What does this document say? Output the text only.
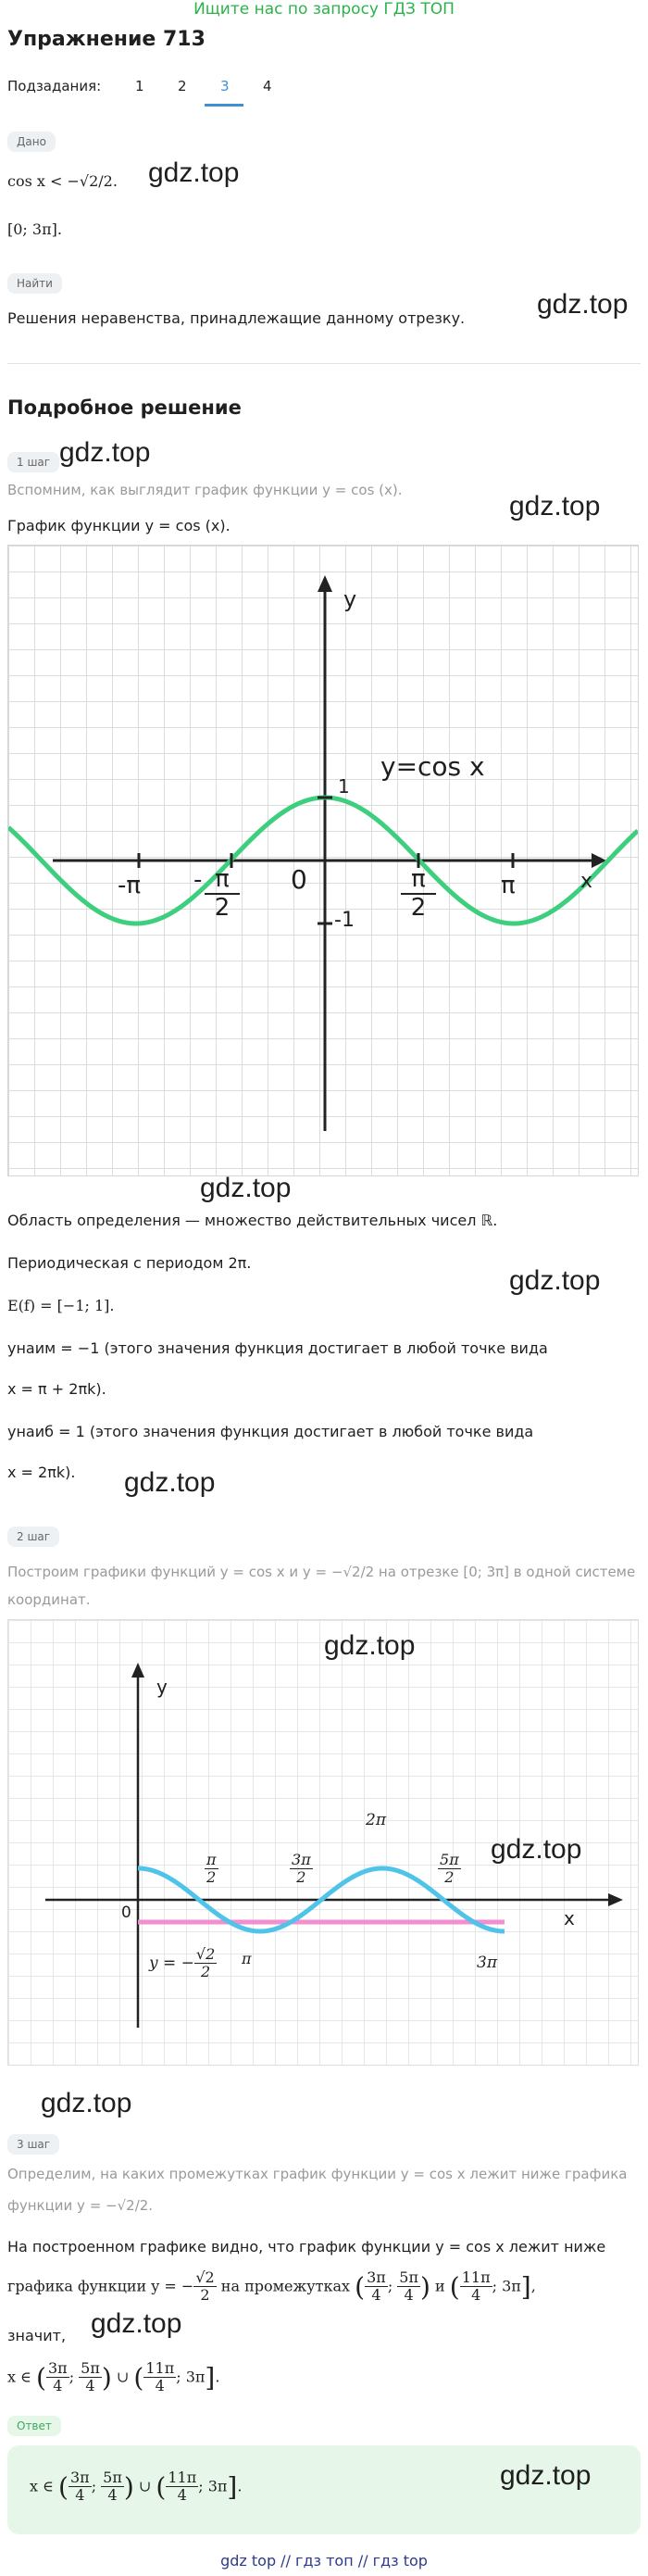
Ищите нас по запросу ГДЗ ТОП
Упражнение 713
Подзадания: 1 2 3 4
Дано
cos x < −√2/2.
[0; 3π].
gdz.top
Найти
Решения неравенства, принадлежащие данному отрезку.	gdz.top
Подробное решение
1 шаг gdz.top
Вспомним, как выглядит график функции y = cos (x).
gdz.top
График функции y = cos (x).
y
x
y=cos x
0
1
-1
-π	π
- π
2
π
2
gdz.top
Область определения — множество действительных чисел ℝ.
Периодическая с периодом 2π.
gdz.top
E(f) = [−1; 1].
yнаим = −1 (этого значения функция достигает в любой точке вида
x = π + 2πk).
yнаиб = 1 (этого значения функция достигает в любой точке вида
x = 2πk). gdz.top
2 шаг
Построим графики функций y = cos x и y = −√2/2 на отрезке [0; 3π] в одной системе
координат.
y
x
0
π	3π
2π
$\frac{\pi}{2}$	$\frac{3\pi}{2}$	$\frac{5\pi}{2}$
y = − $\frac{√2}{2}$
gdz.top
gdz.top
gdz.top
3 шаг
Определим, на каких промежутках график функции y = cos x лежит ниже графика
функции y = −√2/2.
На построенном графике видно, что график функции y = cos x лежит ниже
графика функции y = − $\frac{√2}{2}$ на промежутках ( $\frac{3\pi}{4}$ ; $\frac{5\pi}{4}$ ) и ( $\frac{11\pi}{4}$ ; 3π],
значит, gdz.top
x ∈ ( $\frac{3\pi}{4}$ ; $\frac{5\pi}{4}$ ) ∪ ( $\frac{11\pi}{4}$ ; 3π].
Ответ
x ∈ ( $\frac{3\pi}{4}$ ; $\frac{5\pi}{4}$ ) ∪ ( $\frac{11\pi}{4}$ ; 3π].	gdz.top
gdz top // гдз топ // гдз top
